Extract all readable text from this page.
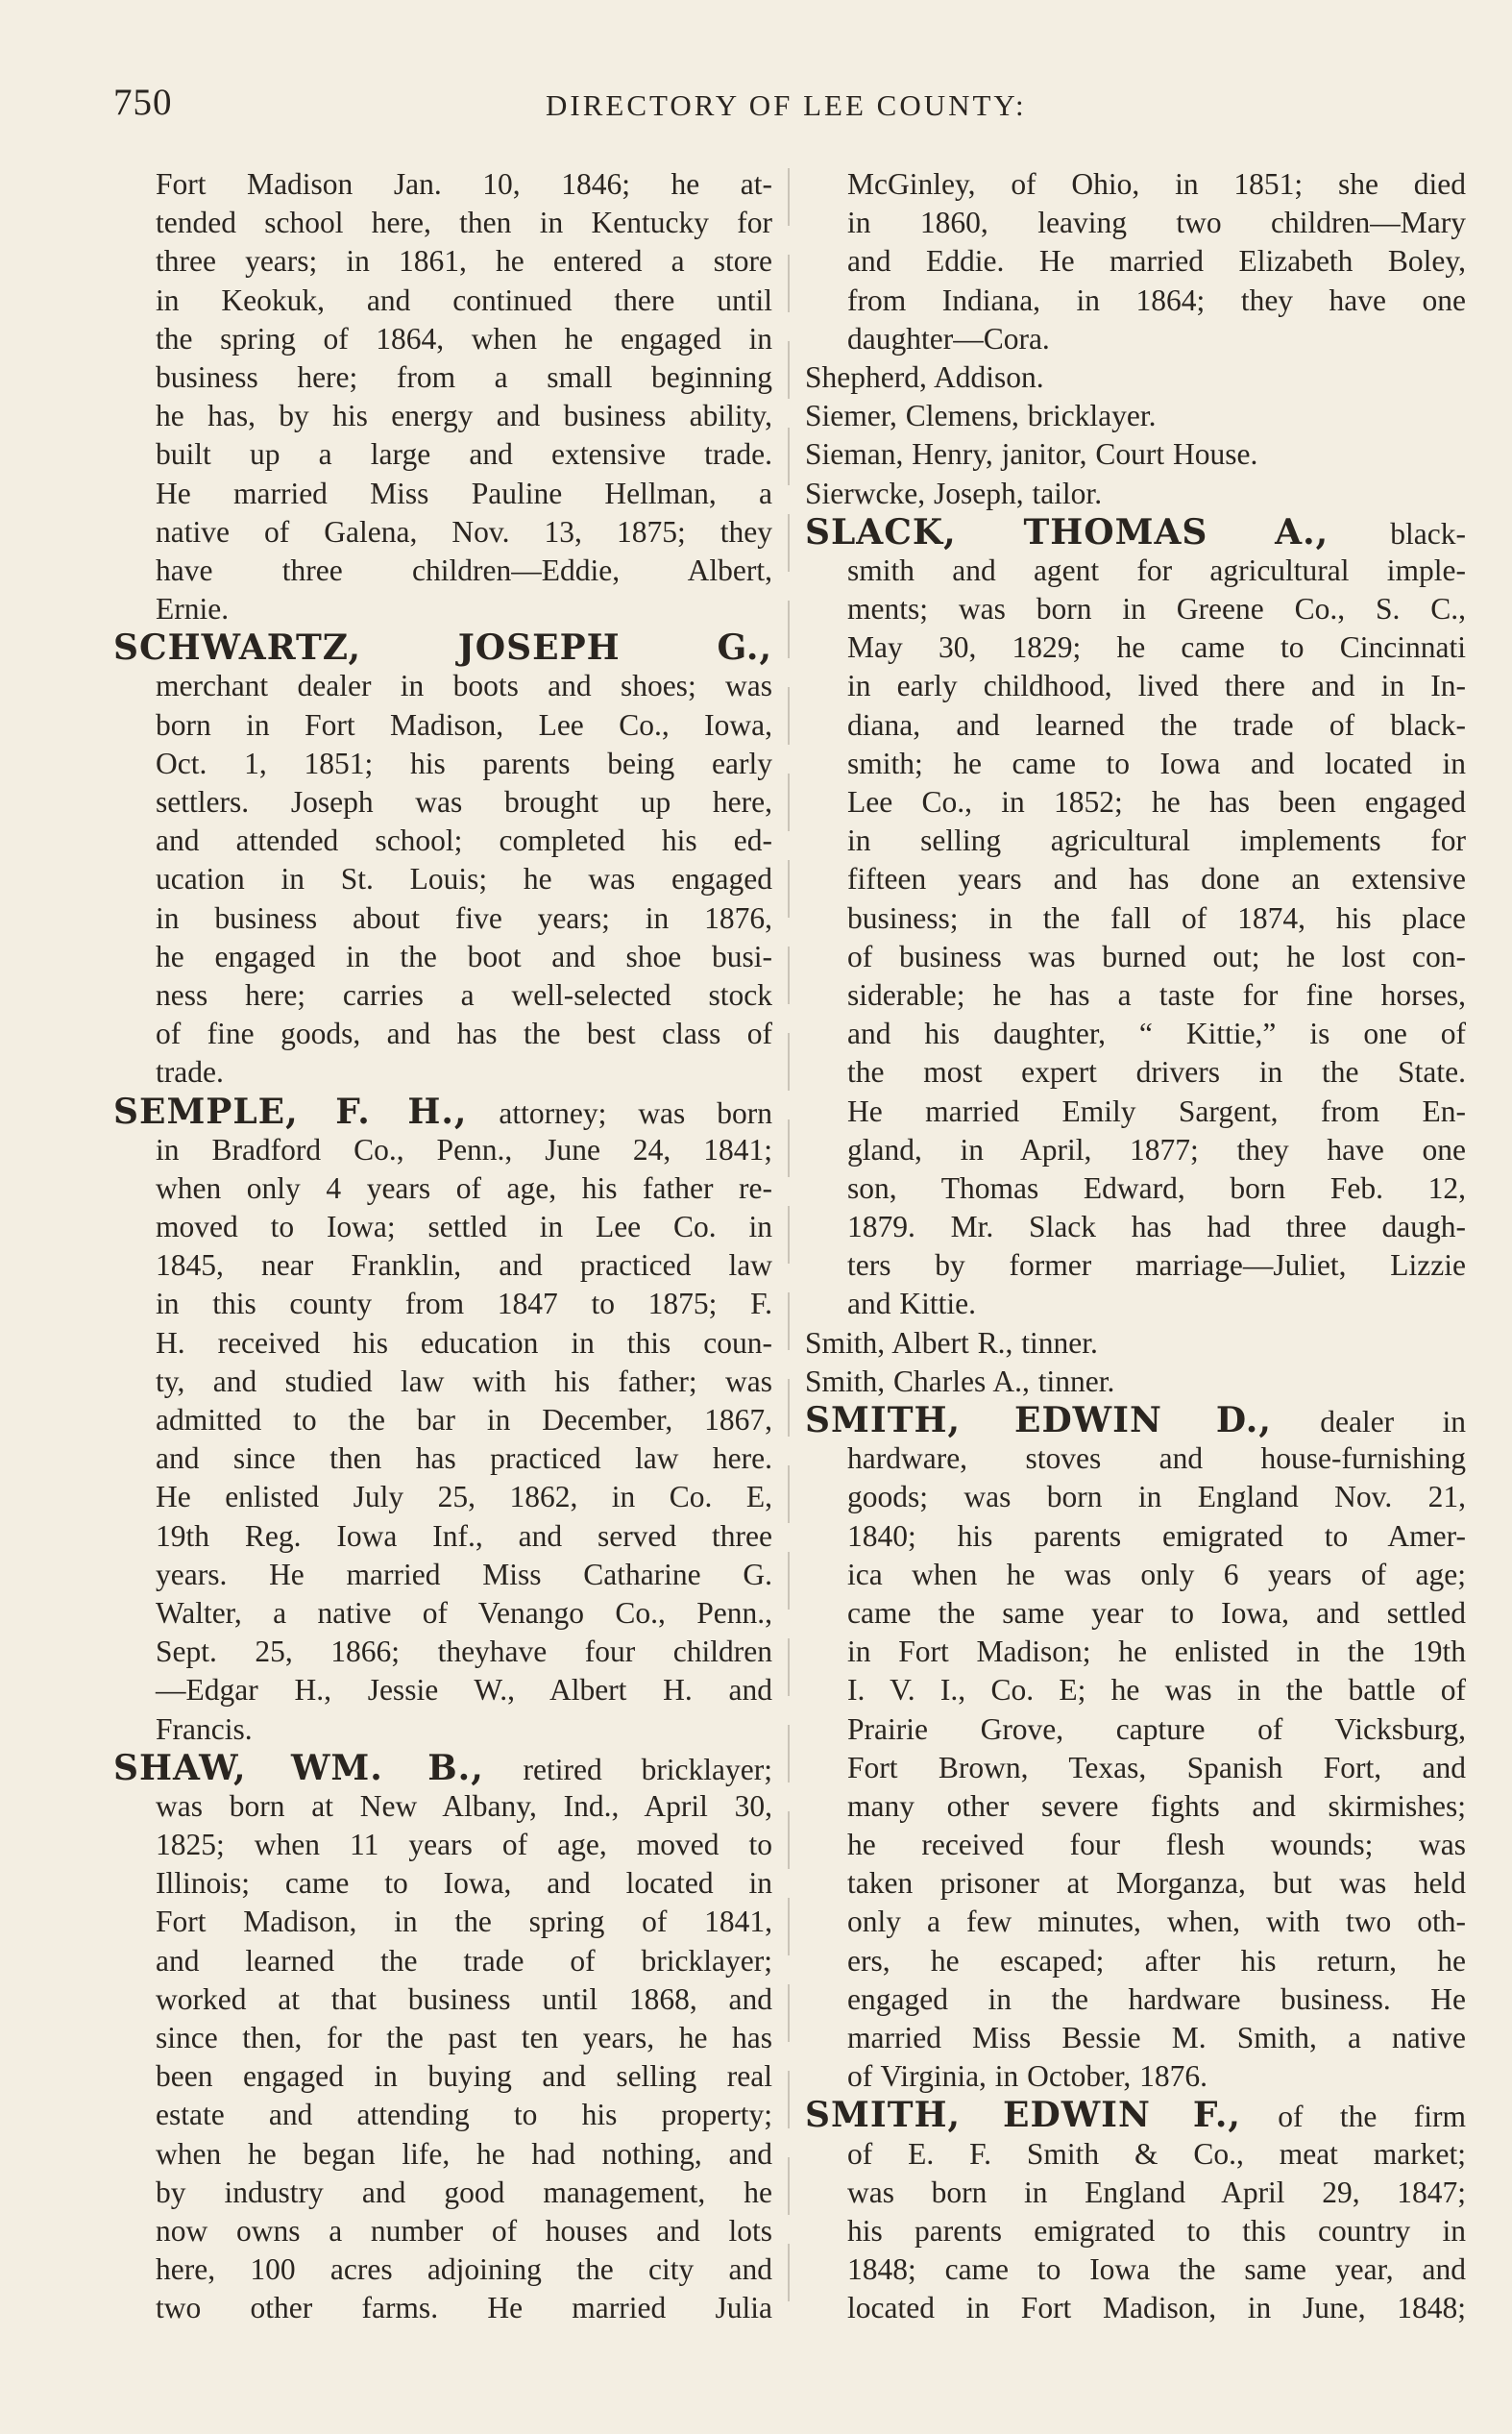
750	DIRECTORY OF LEE COUNTY:
Fort Madison Jan. 10, 1846; he at-
tended school here, then in Kentucky for
three years; in 1861, he entered a store
in Keokuk, and continued there until
the spring of 1864, when he engaged in
business here; from a small beginning
he has, by his energy and business ability,
built up a large and extensive trade.
He married Miss Pauline Hellman, a
native of Galena, Nov. 13, 1875; they
have three children—Eddie, Albert,
Ernie.
SCHWARTZ, JOSEPH G.,
merchant dealer in boots and shoes; was
born in Fort Madison, Lee Co., Iowa,
Oct. 1, 1851; his parents being early
settlers. Joseph was brought up here,
and attended school; completed his ed-
ucation in St. Louis; he was engaged
in business about five years; in 1876,
he engaged in the boot and shoe busi-
ness here; carries a well-selected stock
of fine goods, and has the best class of
trade.
SEMPLE, F. H., attorney; was born
in Bradford Co., Penn., June 24, 1841;
when only 4 years of age, his father re-
moved to Iowa; settled in Lee Co. in
1845, near Franklin, and practiced law
in this county from 1847 to 1875; F.
H. received his education in this coun-
ty, and studied law with his father; was
admitted to the bar in December, 1867,
and since then has practiced law here.
He enlisted July 25, 1862, in Co. E,
19th Reg. Iowa Inf., and served three
years. He married Miss Catharine G.
Walter, a native of Venango Co., Penn.,
Sept. 25, 1866; theyhave four children
—Edgar H., Jessie W., Albert H. and
Francis.
SHAW, WM. B., retired bricklayer;
was born at New Albany, Ind., April 30,
1825; when 11 years of age, moved to
Illinois; came to Iowa, and located in
Fort Madison, in the spring of 1841,
and learned the trade of bricklayer;
worked at that business until 1868, and
since then, for the past ten years, he has
been engaged in buying and selling real
estate and attending to his property;
when he began life, he had nothing, and
by industry and good management, he
now owns a number of houses and lots
here, 100 acres adjoining the city and
two other farms. He married Julia
McGinley, of Ohio, in 1851; she died
in 1860, leaving two children—Mary
and Eddie. He married Elizabeth Boley,
from Indiana, in 1864; they have one
daughter—Cora.
Shepherd, Addison.
Siemer, Clemens, bricklayer.
Sieman, Henry, janitor, Court House.
Sierwcke, Joseph, tailor.
SLACK, THOMAS A., black-
smith and agent for agricultural imple-
ments; was born in Greene Co., S. C.,
May 30, 1829; he came to Cincinnati
in early childhood, lived there and in In-
diana, and learned the trade of black-
smith; he came to Iowa and located in
Lee Co., in 1852; he has been engaged
in selling agricultural implements for
fifteen years and has done an extensive
business; in the fall of 1874, his place
of business was burned out; he lost con-
siderable; he has a taste for fine horses,
and his daughter, “ Kittie,” is one of
the most expert drivers in the State.
He married Emily Sargent, from En-
gland, in April, 1877; they have one
son, Thomas Edward, born Feb. 12,
1879. Mr. Slack has had three daugh-
ters by former marriage—Juliet, Lizzie
and Kittie.
Smith, Albert R., tinner.
Smith, Charles A., tinner.
SMITH, EDWIN D., dealer in
hardware, stoves and house-furnishing
goods; was born in England Nov. 21,
1840; his parents emigrated to Amer-
ica when he was only 6 years of age;
came the same year to Iowa, and settled
in Fort Madison; he enlisted in the 19th
I. V. I., Co. E; he was in the battle of
Prairie Grove, capture of Vicksburg,
Fort Brown, Texas, Spanish Fort, and
many other severe fights and skirmishes;
he received four flesh wounds; was
taken prisoner at Morganza, but was held
only a few minutes, when, with two oth-
ers, he escaped; after his return, he
engaged in the hardware business. He
married Miss Bessie M. Smith, a native
of Virginia, in October, 1876.
SMITH, EDWIN F., of the firm
of E. F. Smith & Co., meat market;
was born in England April 29, 1847;
his parents emigrated to this country in
1848; came to Iowa the same year, and
located in Fort Madison, in June, 1848;
